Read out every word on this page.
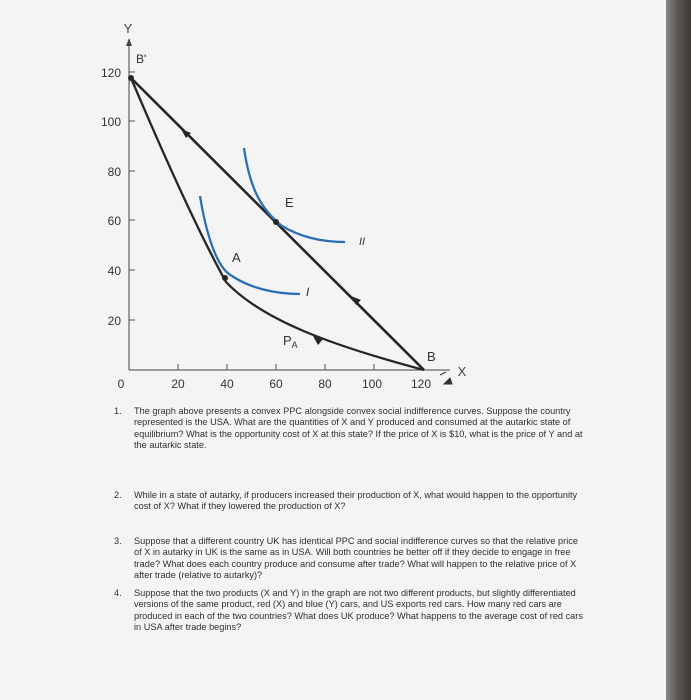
120
100
80
60
40
20
0	20	40	60	80	100 120
Y
X
B'
B
A
E
$P_A$
I
II
1.	The graph above presents a convex PPC alongside convex social indifference curves. Suppose the country represented is the USA. What are the quantities of X and Y produced and consumed at the autarkic state of equilibrium? What is the opportunity cost of X at this state? If the price of X is $10, what is the price of Y and at the autarkic state.
2.	While in a state of autarky, if producers increased their production of X, what would happen to the opportunity cost of X? What if they lowered the production of X?
3.	Suppose that a different country UK has identical PPC and social indifference curves so that the relative price of X in autarky in UK is the same as in USA. Will both countries be better off if they decide to engage in free trade? What does each country produce and consume after trade? What will happen to the relative price of X after trade (relative to autarky)?
4.	Suppose that the two products (X and Y) in the graph are not two different products, but slightly differentiated versions of the same product, red (X) and blue (Y) cars, and US exports red cars. How many red cars are produced in each of the two countries? What does UK produce? What happens to the average cost of red cars in USA after trade begins?
